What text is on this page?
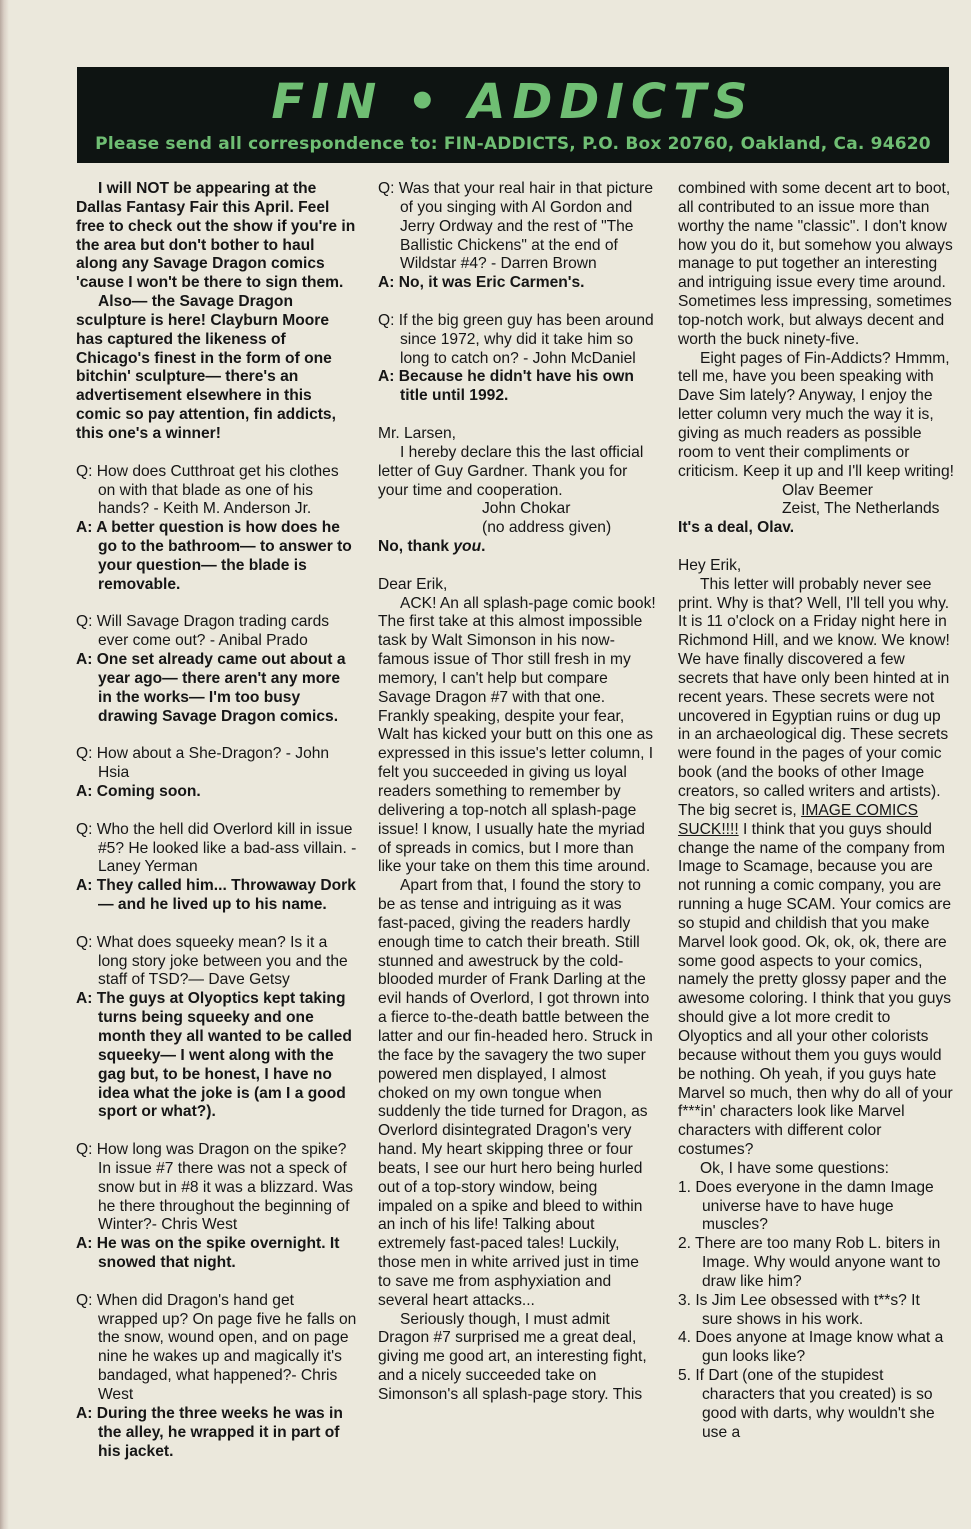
FIN • ADDICTS
Please send all correspondence to: FIN-ADDICTS, P.O. Box 20760, Oakland, Ca. 94620

I will NOT be appearing at the Dallas Fantasy Fair this April. Feel free to check out the show if you're in the area but don't bother to haul along any Savage Dragon comics 'cause I won't be there to sign them.

Also— the Savage Dragon sculpture is here! Clayburn Moore has captured the likeness of Chicago's finest in the form of one bitchin' sculpture— there's an advertisement elsewhere in this comic so pay attention, fin addicts, this one's a winner!

Q: How does Cutthroat get his clothes on with that blade as one of his hands? - Keith M. Anderson Jr.

A: A better question is how does he go to the bathroom— to answer to your question— the blade is removable.

Q: Will Savage Dragon trading cards ever come out? - Anibal Prado

A: One set already came out about a year ago— there aren't any more in the works— I'm too busy drawing Savage Dragon comics.

Q: How about a She-Dragon? - John Hsia

A: Coming soon.

Q: Who the hell did Overlord kill in issue #5? He looked like a bad-ass villain. - Laney Yerman

A: They called him... Throwaway Dork— and he lived up to his name.

Q: What does squeeky mean? Is it a long story joke between you and the staff of TSD?— Dave Getsy

A: The guys at Olyoptics kept taking turns being squeeky and one month they all wanted to be called squeeky— I went along with the gag but, to be honest, I have no idea what the joke is (am I a good sport or what?).

Q: How long was Dragon on the spike? In issue #7 there was not a speck of snow but in #8 it was a blizzard. Was he there throughout the beginning of Winter?- Chris West

A: He was on the spike overnight. It snowed that night.

Q: When did Dragon's hand get wrapped up? On page five he falls on the snow, wound open, and on page nine he wakes up and magically it's bandaged, what happened?- Chris West

A: During the three weeks he was in the alley, he wrapped it in part of his jacket.

Q: Was that your real hair in that picture of you singing with Al Gordon and Jerry Ordway and the rest of "The Ballistic Chickens" at the end of Wildstar #4? - Darren Brown

A: No, it was Eric Carmen's.

Q: If the big green guy has been around since 1972, why did it take him so long to catch on? - John McDaniel

A: Because he didn't have his own title until 1992.

Mr. Larsen,

I hereby declare this the last official letter of Guy Gardner. Thank you for your time and cooperation.

John Chokar

(no address given)

No, thank you.

Dear Erik,

ACK! An all splash-page comic book! The first take at this almost impossible task by Walt Simonson in his now-famous issue of Thor still fresh in my memory, I can't help but compare Savage Dragon #7 with that one. Frankly speaking, despite your fear, Walt has kicked your butt on this one as expressed in this issue's letter column, I felt you succeeded in giving us loyal readers something to remember by delivering a top-notch all splash-page issue! I know, I usually hate the myriad of spreads in comics, but I more than like your take on them this time around.

Apart from that, I found the story to be as tense and intriguing as it was fast-paced, giving the readers hardly enough time to catch their breath. Still stunned and awestruck by the cold-blooded murder of Frank Darling at the evil hands of Overlord, I got thrown into a fierce to-the-death battle between the latter and our fin-headed hero. Struck in the face by the savagery the two super powered men displayed, I almost choked on my own tongue when suddenly the tide turned for Dragon, as Overlord disintegrated Dragon's very hand. My heart skipping three or four beats, I see our hurt hero being hurled out of a top-story window, being impaled on a spike and bleed to within an inch of his life! Talking about extremely fast-paced tales! Luckily, those men in white arrived just in time to save me from asphyxiation and several heart attacks...

Seriously though, I must admit Dragon #7 surprised me a great deal, giving me good art, an interesting fight, and a nicely succeeded take on Simonson's all splash-page story. This

combined with some decent art to boot, all contributed to an issue more than worthy the name "classic". I don't know how you do it, but somehow you always manage to put together an interesting and intriguing issue every time around. Sometimes less impressing, sometimes top-notch work, but always decent and worth the buck ninety-five.

Eight pages of Fin-Addicts? Hmmm, tell me, have you been speaking with Dave Sim lately? Anyway, I enjoy the letter column very much the way it is, giving as much readers as possible room to vent their compliments or criticism. Keep it up and I'll keep writing!

Olav Beemer

Zeist, The Netherlands

It's a deal, Olav.

Hey Erik,

This letter will probably never see print. Why is that? Well, I'll tell you why. It is 11 o'clock on a Friday night here in Richmond Hill, and we know. We know! We have finally discovered a few secrets that have only been hinted at in recent years. These secrets were not uncovered in Egyptian ruins or dug up in an archaeological dig. These secrets were found in the pages of your comic book (and the books of other Image creators, so called writers and artists). The big secret is, IMAGE COMICS SUCK!!!! I think that you guys should change the name of the company from Image to Scamage, because you are not running a comic company, you are running a huge SCAM. Your comics are so stupid and childish that you make Marvel look good. Ok, ok, ok, there are some good aspects to your comics, namely the pretty glossy paper and the awesome coloring. I think that you guys should give a lot more credit to Olyoptics and all your other colorists because without them you guys would be nothing. Oh yeah, if you guys hate Marvel so much, then why do all of your f***in' characters look like Marvel characters with different color costumes?

Ok, I have some questions:

1. Does everyone in the damn Image universe have to have huge muscles?

2. There are too many Rob L. biters in Image. Why would anyone want to draw like him?

3. Is Jim Lee obsessed with t**s? It sure shows in his work.

4. Does anyone at Image know what a gun looks like?

5. If Dart (one of the stupidest characters that you created) is so good with darts, why wouldn't she use a
